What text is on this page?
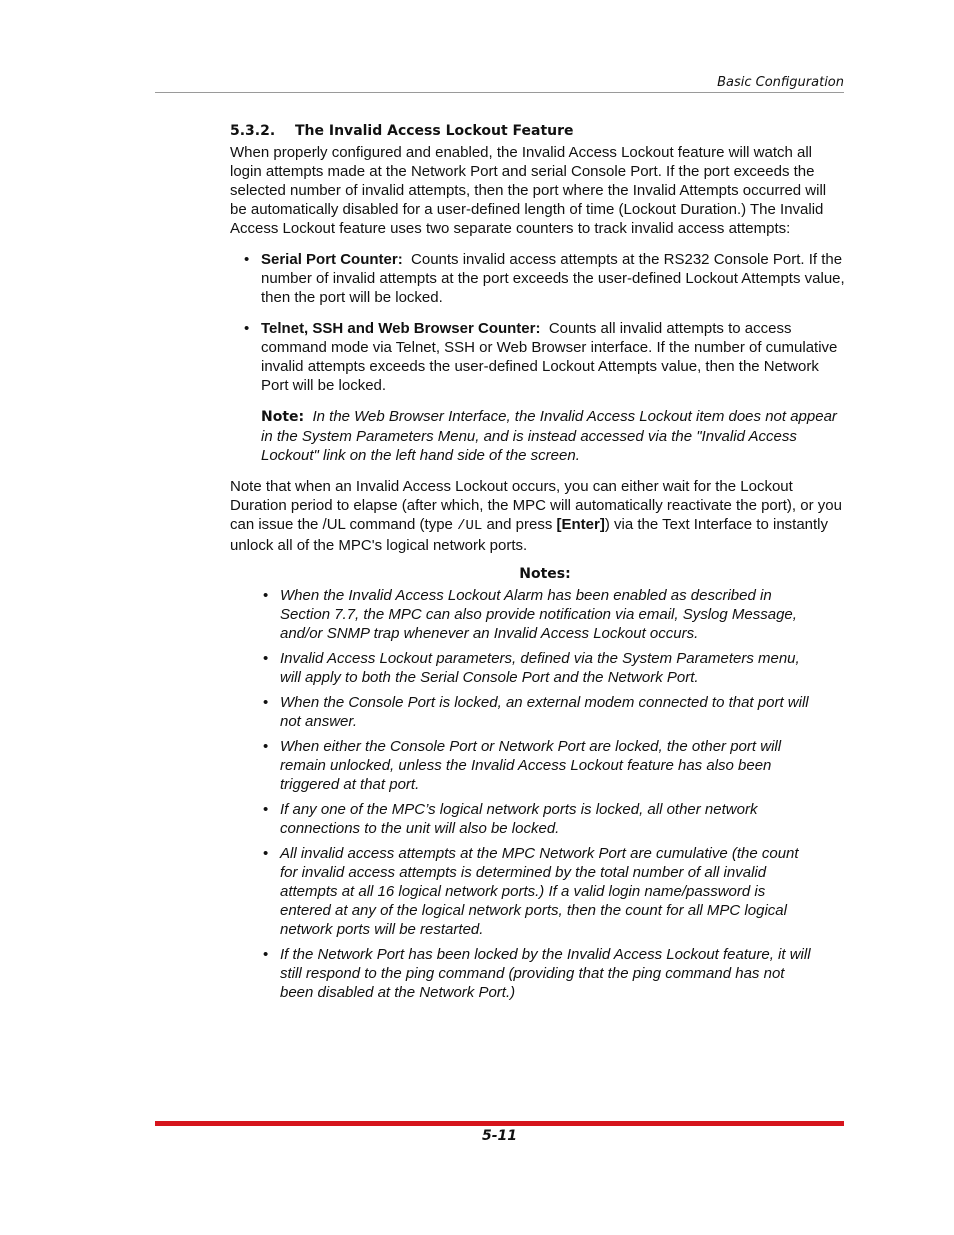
Basic Configuration
5.3.2. The Invalid Access Lockout Feature

When properly configured and enabled, the Invalid Access Lockout feature will watch all login attempts made at the Network Port and serial Console Port. If the port exceeds the selected number of invalid attempts, then the port where the Invalid Attempts occurred will be automatically disabled for a user-defined length of time (Lockout Duration.) The Invalid Access Lockout feature uses two separate counters to track invalid access attempts:

• Serial Port Counter: Counts invalid access attempts at the RS232 Console Port. If the number of invalid attempts at the port exceeds the user-defined Lockout Attempts value, then the port will be locked.
• Telnet, SSH and Web Browser Counter: Counts all invalid attempts to access command mode via Telnet, SSH or Web Browser interface. If the number of cumulative invalid attempts exceeds the user-defined Lockout Attempts value, then the Network Port will be locked.

Note: In the Web Browser Interface, the Invalid Access Lockout item does not appear in the System Parameters Menu, and is instead accessed via the "Invalid Access Lockout" link on the left hand side of the screen.

Note that when an Invalid Access Lockout occurs, you can either wait for the Lockout Duration period to elapse (after which, the MPC will automatically reactivate the port), or you can issue the /UL command (type /UL and press [Enter]) via the Text Interface to instantly unlock all of the MPC's logical network ports.

Notes:
• When the Invalid Access Lockout Alarm has been enabled as described in Section 7.7, the MPC can also provide notification via email, Syslog Message, and/or SNMP trap whenever an Invalid Access Lockout occurs.
• Invalid Access Lockout parameters, defined via the System Parameters menu, will apply to both the Serial Console Port and the Network Port.
• When the Console Port is locked, an external modem connected to that port will not answer.
• When either the Console Port or Network Port are locked, the other port will remain unlocked, unless the Invalid Access Lockout feature has also been triggered at that port.
• If any one of the MPC’s logical network ports is locked, all other network connections to the unit will also be locked.
• All invalid access attempts at the MPC Network Port are cumulative (the count for invalid access attempts is determined by the total number of all invalid attempts at all 16 logical network ports.) If a valid login name/password is entered at any of the logical network ports, then the count for all MPC logical network ports will be restarted.
• If the Network Port has been locked by the Invalid Access Lockout feature, it will still respond to the ping command (providing that the ping command has not been disabled at the Network Port.)
5-11
